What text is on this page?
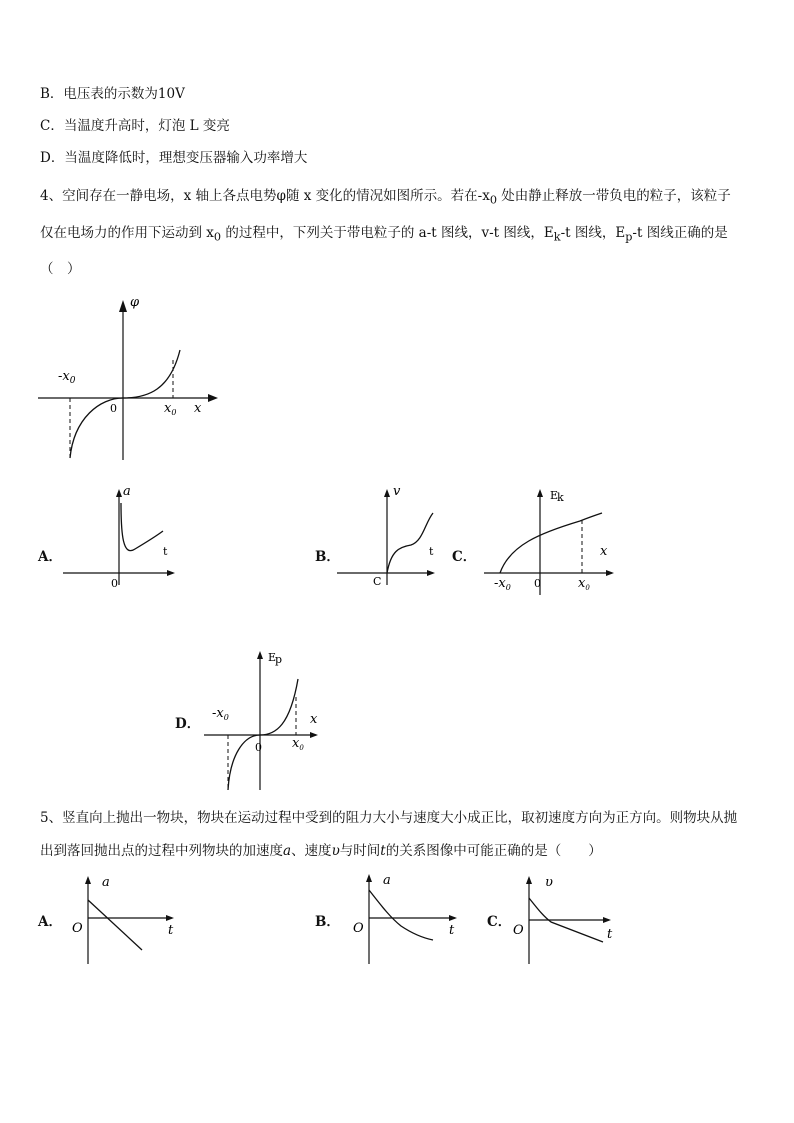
B．电压表的示数为10V
C．当温度升高时，灯泡 L 变亮
D．当温度降低时，理想变压器输入功率增大

4、空间存在一静电场，x 轴上各点电势φ随 x 变化的情况如图所示。若在$-x_0$ 处由静止释放一带负电的粒子，该粒子

仅在电场力的作用下运动到 $x_0$ 的过程中，下列关于带电粒子的 a-t 图线，v-t 图线，$E_k-t$ 图线，$E_p-t$ 图线正确的是

（　）

φ
x
0
$-x_0$
$x_0$
A．
a
t
0
B．
v
t
C
C．
E
k
x
0
$-x_0$	$x_0$
D．
E
p
x
0
$-x_0$
$x_0$

5、竖直向上抛出一物块，物块在运动过程中受到的阻力大小与速度大小成正比，取初速度方向为正方向。则物块从抛

出到落回抛出点的过程中列物块的加速度a、速度υ与时间t的关系图像中可能正确的是（　　）

A．
a
t
O	B．
a
t
O	C．
υ
t
O
